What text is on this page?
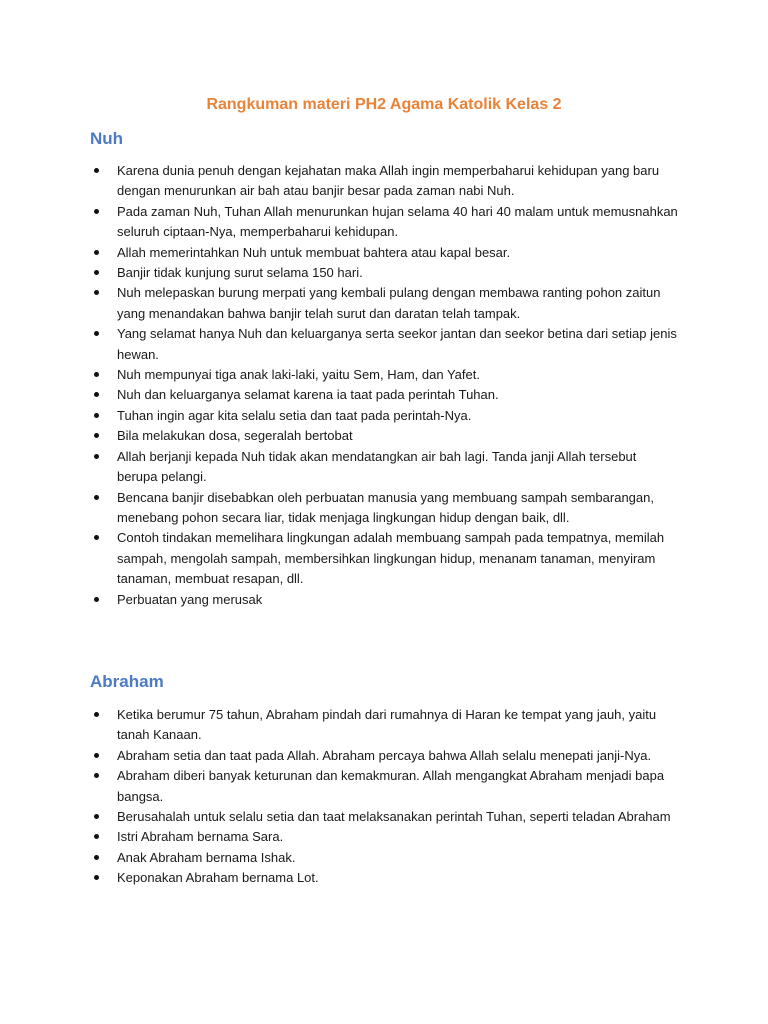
Rangkuman materi PH2 Agama Katolik Kelas 2
Nuh
Karena dunia penuh dengan kejahatan maka Allah ingin memperbaharui kehidupan yang baru dengan menurunkan air bah atau banjir besar pada zaman nabi Nuh.
Pada zaman Nuh, Tuhan Allah menurunkan hujan selama 40 hari 40 malam untuk memusnahkan seluruh ciptaan-Nya, memperbaharui kehidupan.
Allah memerintahkan Nuh untuk membuat bahtera atau kapal besar.
Banjir tidak kunjung surut selama 150 hari.
Nuh melepaskan burung merpati yang kembali pulang dengan membawa ranting pohon zaitun yang menandakan bahwa banjir telah surut dan daratan telah tampak.
Yang selamat hanya Nuh dan keluarganya serta seekor jantan dan seekor betina dari setiap jenis hewan.
Nuh mempunyai tiga anak laki-laki, yaitu Sem, Ham, dan Yafet.
Nuh dan keluarganya selamat karena ia taat pada perintah Tuhan.
Tuhan ingin agar kita selalu setia dan taat pada perintah-Nya.
Bila melakukan dosa, segeralah bertobat
Allah berjanji kepada Nuh tidak akan mendatangkan air bah lagi. Tanda janji Allah tersebut berupa pelangi.
Bencana banjir disebabkan oleh perbuatan manusia yang membuang sampah sembarangan, menebang pohon secara liar, tidak menjaga lingkungan hidup dengan baik, dll.
Contoh tindakan memelihara lingkungan adalah membuang sampah pada tempatnya, memilah sampah, mengolah sampah, membersihkan lingkungan hidup, menanam tanaman, menyiram tanaman, membuat resapan, dll.
Perbuatan yang merusak
Abraham
Ketika berumur 75 tahun, Abraham pindah dari rumahnya di Haran ke tempat yang jauh, yaitu tanah Kanaan.
Abraham setia dan taat pada Allah. Abraham percaya bahwa Allah selalu menepati janji-Nya.
Abraham diberi banyak keturunan dan kemakmuran. Allah mengangkat Abraham menjadi bapa bangsa.
Berusahalah untuk selalu setia dan taat melaksanakan perintah Tuhan, seperti teladan Abraham
Istri Abraham bernama Sara.
Anak Abraham bernama Ishak.
Keponakan Abraham bernama Lot.
